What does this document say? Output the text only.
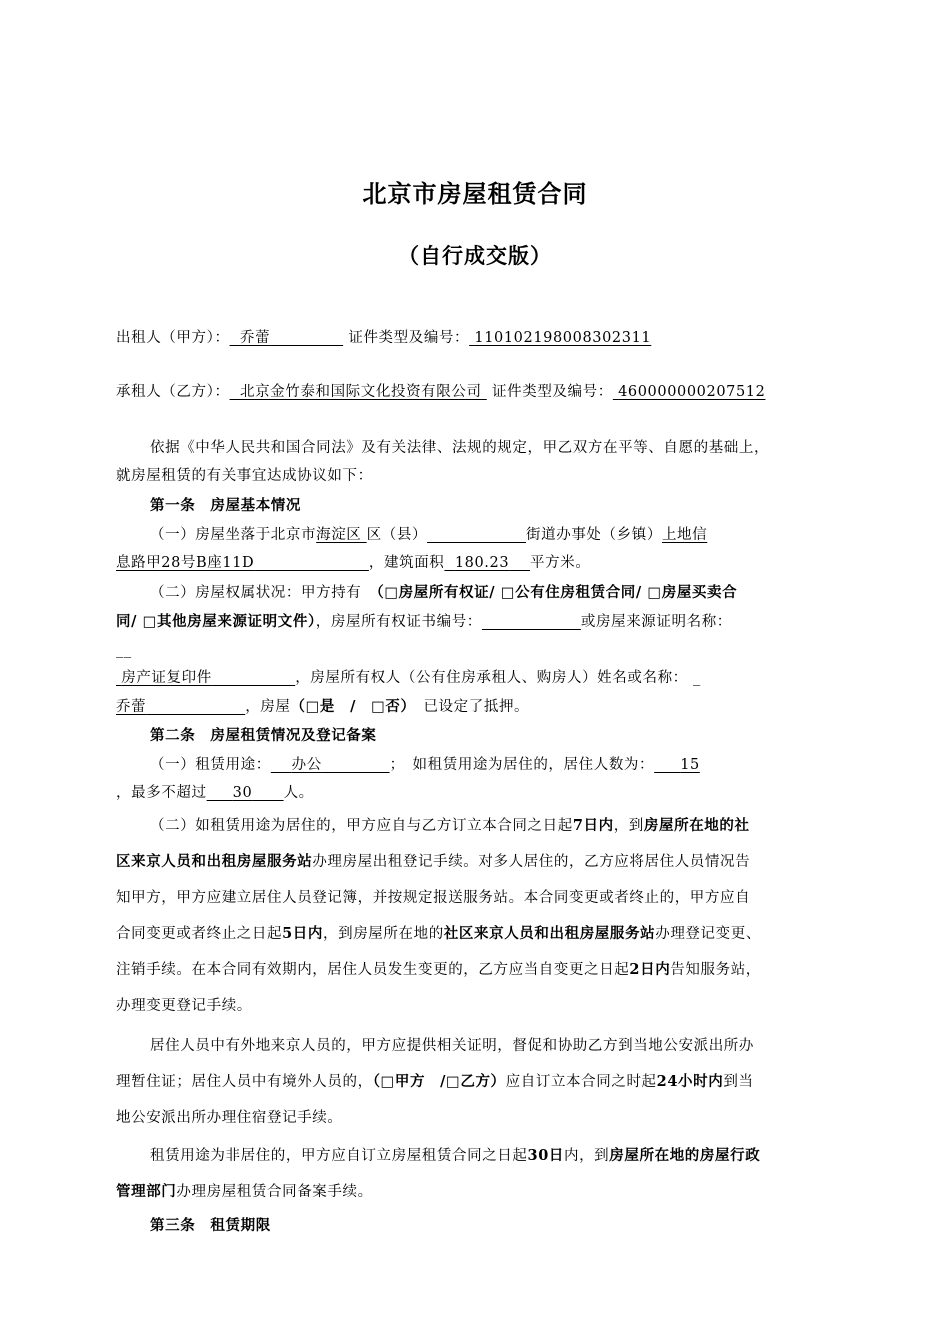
北京市房屋租赁合同
（自行成交版）
出租人（甲方）： 乔蕾	证件类型及编号： 110102198008302311
承租人（乙方）： 北京金竹泰和国际文化投资有限公司 证件类型及编号： 460000000207512
依据《中华人民共和国合同法》及有关法律、法规的规定，甲乙双方在平等、自愿的基础上，
就房屋租赁的有关事宜达成协议如下：
第一条　房屋基本情况
（一）房屋坐落于北京市海淀区 区（县）	街道办事处（乡镇）上地信
息路甲28号B座11D	，建筑面积 180.23 平方米。
（二）房屋权属状况：甲方持有　（□房屋所有权证/ □公有住房租赁合同/ □房屋买卖合
同/ □其他房屋来源证明文件），房屋所有权证书编号：	或房屋来源证明名称：
__
房产证复印件	，房屋所有权人（公有住房承租人、购房人）姓名或名称： _
乔蕾	，房屋（□是　/　□否）　已设定了抵押。
第二条　房屋租赁情况及登记备案
（一）租赁用途： 办公	；　如租赁用途为居住的，居住人数为： 15
，最多不超过 30 人。
（二）如租赁用途为居住的，甲方应自与乙方订立本合同之日起7日内，到房屋所在地的社
区来京人员和出租房屋服务站办理房屋出租登记手续。对多人居住的，乙方应将居住人员情况告
知甲方，甲方应建立居住人员登记簿，并按规定报送服务站。本合同变更或者终止的，甲方应自
合同变更或者终止之日起5日内，到房屋所在地的社区来京人员和出租房屋服务站办理登记变更、
注销手续。在本合同有效期内，居住人员发生变更的，乙方应当自变更之日起2日内告知服务站，
办理变更登记手续。
居住人员中有外地来京人员的，甲方应提供相关证明，督促和协助乙方到当地公安派出所办
理暂住证；居住人员中有境外人员的，（□甲方　/□乙方）应自订立本合同之时起24小时内到当
地公安派出所办理住宿登记手续。
租赁用途为非居住的，甲方应自订立房屋租赁合同之日起30日内，到房屋所在地的房屋行政
管理部门办理房屋租赁合同备案手续。
第三条　租赁期限
